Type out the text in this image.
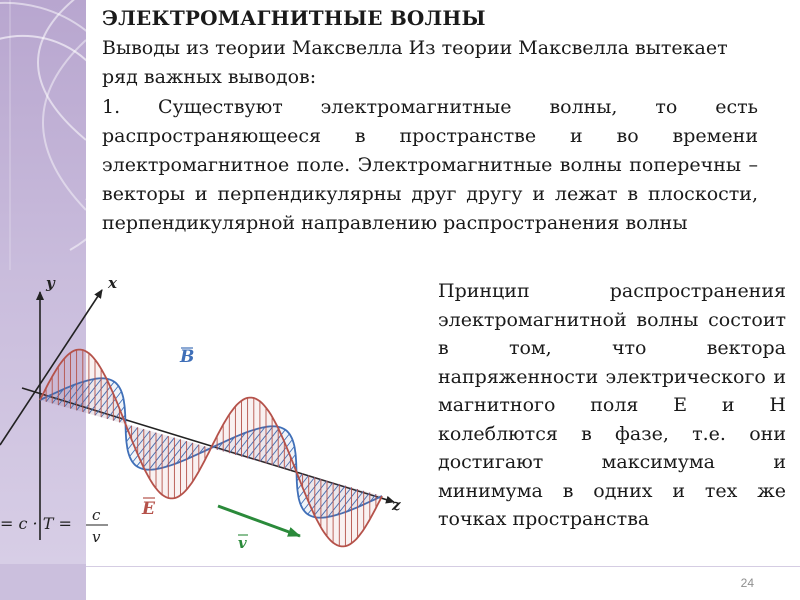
ЭЛЕКТРОМАГНИТНЫЕ ВОЛНЫ

Выводы из теории Максвелла Из теории Максвелла вытекает ряд важных выводов:

1. Существуют электромагнитные волны, то есть распространяющееся в пространстве и во времени электромагнитное поле. Электромагнитные волны поперечны – векторы и перпендикулярны друг другу и лежат в плоскости, перпендикулярной направлению распространения волны

Принцип распространения электромагнитной волны состоит в том, что вектора напряженности электрического и магнитного поля Е и Н колеблются в фазе, т.е. они достигают максимума и минимума в одних и тех же точках пространства

y	x
z
B
E
v
= c · T = c
v
24
